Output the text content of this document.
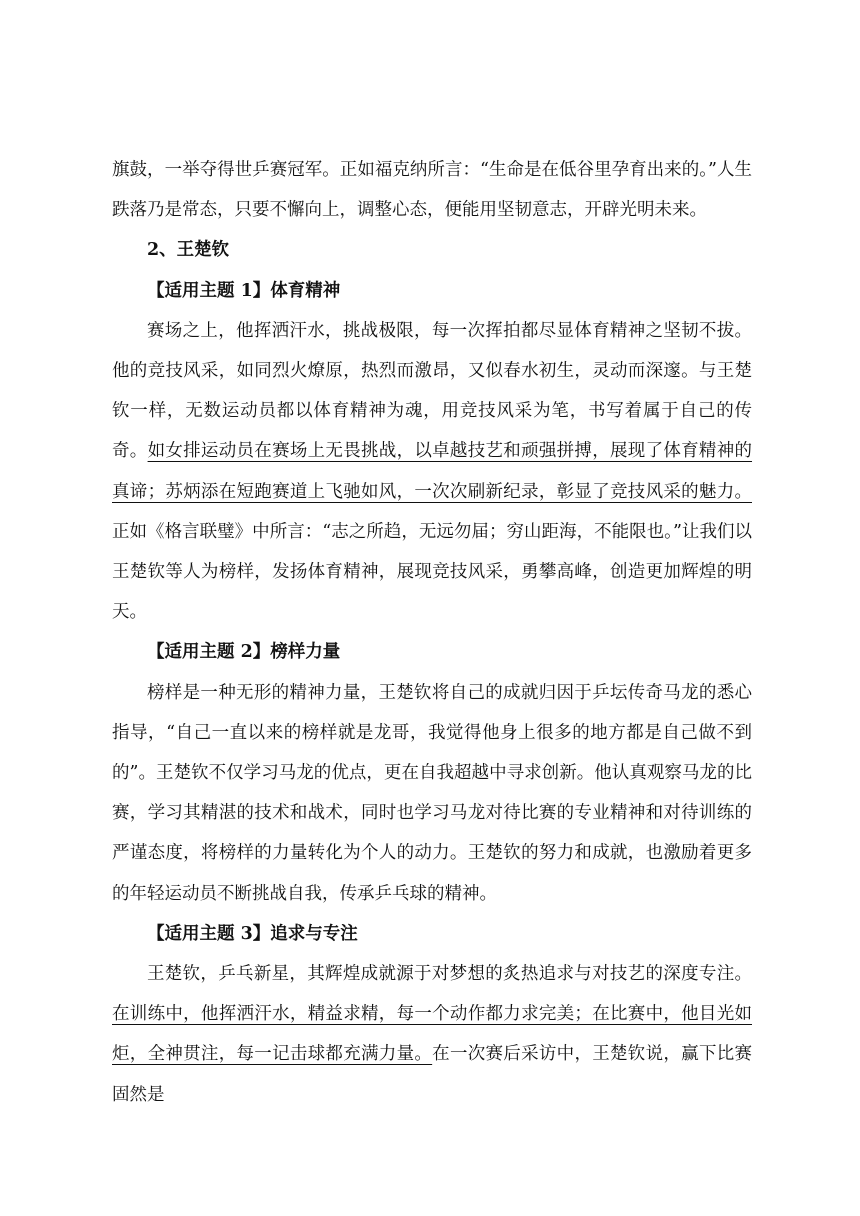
旗鼓，一举夺得世乒赛冠军。正如福克纳所言：“生命是在低谷里孕育出来的。”人生跌落乃是常态，只要不懈向上，调整心态，便能用坚韧意志，开辟光明未来。

2、王楚钦

【适用主题 1】体育精神

赛场之上，他挥洒汗水，挑战极限，每一次挥拍都尽显体育精神之坚韧不拔。他的竞技风采，如同烈火燎原，热烈而激昂，又似春水初生，灵动而深邃。与王楚钦一样，无数运动员都以体育精神为魂，用竞技风采为笔，书写着属于自己的传奇。如女排运动员在赛场上无畏挑战，以卓越技艺和顽强拼搏，展现了体育精神的真谛；苏炳添在短跑赛道上飞驰如风，一次次刷新纪录，彰显了竞技风采的魅力。正如《格言联璧》中所言：“志之所趋，无远勿届；穷山距海，不能限也。”让我们以王楚钦等人为榜样，发扬体育精神，展现竞技风采，勇攀高峰，创造更加辉煌的明天。

【适用主题 2】榜样力量

榜样是一种无形的精神力量，王楚钦将自己的成就归因于乒坛传奇马龙的悉心指导，“自己一直以来的榜样就是龙哥，我觉得他身上很多的地方都是自己做不到的”。王楚钦不仅学习马龙的优点，更在自我超越中寻求创新。他认真观察马龙的比赛，学习其精湛的技术和战术，同时也学习马龙对待比赛的专业精神和对待训练的严谨态度，将榜样的力量转化为个人的动力。王楚钦的努力和成就，也激励着更多的年轻运动员不断挑战自我，传承乒乓球的精神。

【适用主题 3】追求与专注

王楚钦，乒乓新星，其辉煌成就源于对梦想的炙热追求与对技艺的深度专注。在训练中，他挥洒汗水，精益求精，每一个动作都力求完美；在比赛中，他目光如炬，全神贯注，每一记击球都充满力量。在一次赛后采访中，王楚钦说，赢下比赛固然是
